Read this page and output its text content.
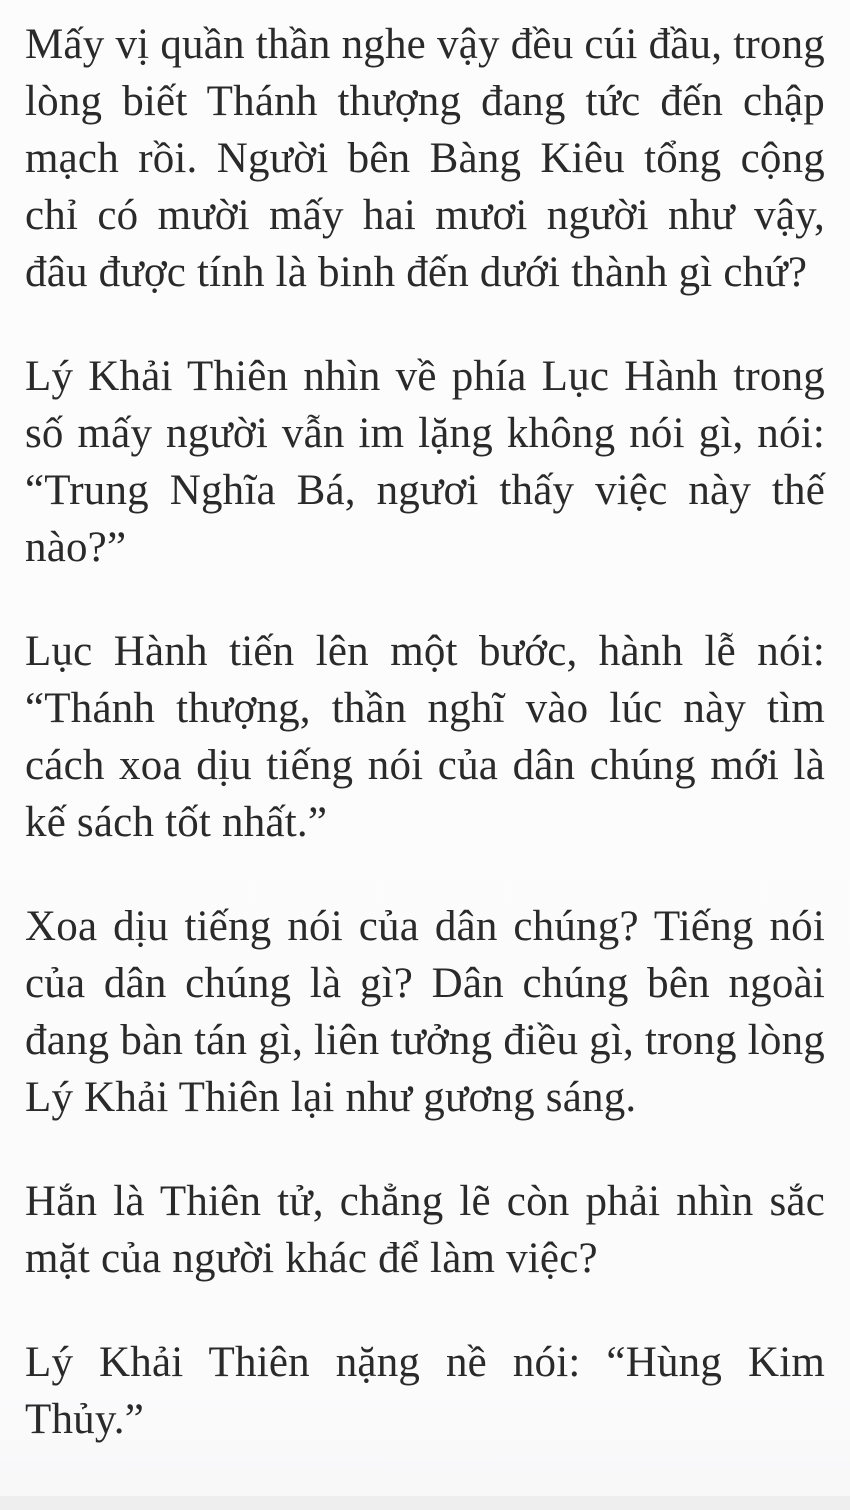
Mấy vị quần thần nghe vậy đều cúi đầu, trong lòng biết Thánh thượng đang tức đến chập mạch rồi. Người bên Bàng Kiêu tổng cộng chỉ có mười mấy hai mươi người như vậy, đâu được tính là binh đến dưới thành gì chứ?

Lý Khải Thiên nhìn về phía Lục Hành trong số mấy người vẫn im lặng không nói gì, nói: “Trung Nghĩa Bá, ngươi thấy việc này thế nào?”

Lục Hành tiến lên một bước, hành lễ nói: “Thánh thượng, thần nghĩ vào lúc này tìm cách xoa dịu tiếng nói của dân chúng mới là kế sách tốt nhất.”

Xoa dịu tiếng nói của dân chúng? Tiếng nói của dân chúng là gì? Dân chúng bên ngoài đang bàn tán gì, liên tưởng điều gì, trong lòng Lý Khải Thiên lại như gương sáng.

Hắn là Thiên tử, chẳng lẽ còn phải nhìn sắc mặt của người khác để làm việc?

Lý Khải Thiên nặng nề nói: “Hùng Kim Thủy.”
